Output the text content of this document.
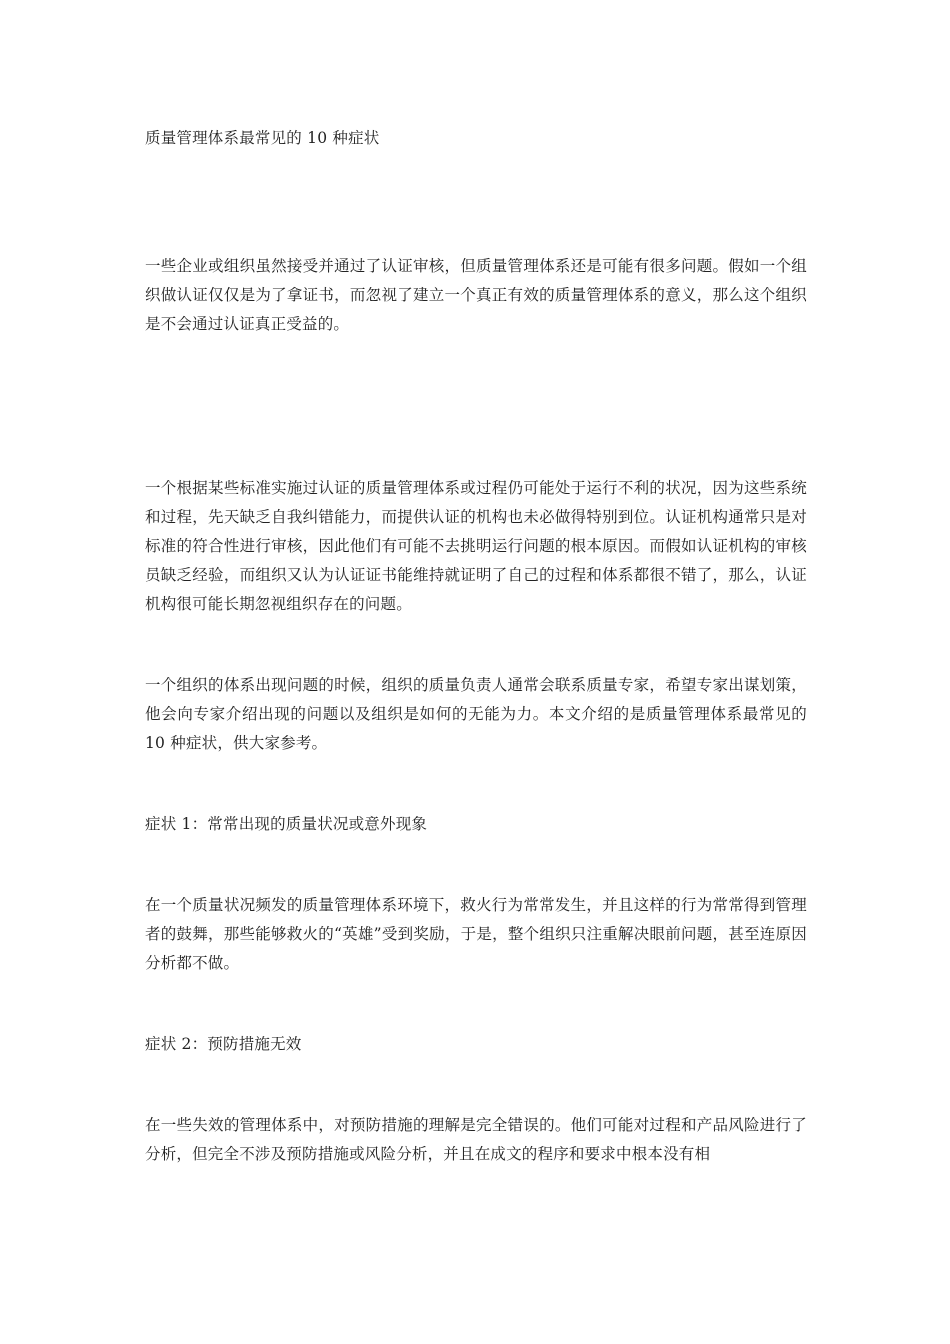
质量管理体系最常见的 10 种症状

一些企业或组织虽然接受并通过了认证审核，但质量管理体系还是可能有很多问题。假如一个组织做认证仅仅是为了拿证书，而忽视了建立一个真正有效的质量管理体系的意义，那么这个组织是不会通过认证真正受益的。

一个根据某些标准实施过认证的质量管理体系或过程仍可能处于运行不利的状况，因为这些系统和过程，先天缺乏自我纠错能力，而提供认证的机构也未必做得特别到位。认证机构通常只是对标准的符合性进行审核，因此他们有可能不去挑明运行问题的根本原因。而假如认证机构的审核员缺乏经验，而组织又认为认证证书能维持就证明了自己的过程和体系都很不错了，那么，认证机构很可能长期忽视组织存在的问题。

一个组织的体系出现问题的时候，组织的质量负责人通常会联系质量专家，希望专家出谋划策，他会向专家介绍出现的问题以及组织是如何的无能为力。本文介绍的是质量管理体系最常见的 10 种症状，供大家参考。

症状 1：常常出现的质量状况或意外现象

在一个质量状况频发的质量管理体系环境下，救火行为常常发生，并且这样的行为常常得到管理者的鼓舞，那些能够救火的“英雄”受到奖励，于是，整个组织只注重解决眼前问题，甚至连原因分析都不做。

症状 2：预防措施无效

在一些失效的管理体系中，对预防措施的理解是完全错误的。他们可能对过程和产品风险进行了分析，但完全不涉及预防措施或风险分析，并且在成文的程序和要求中根本没有相
